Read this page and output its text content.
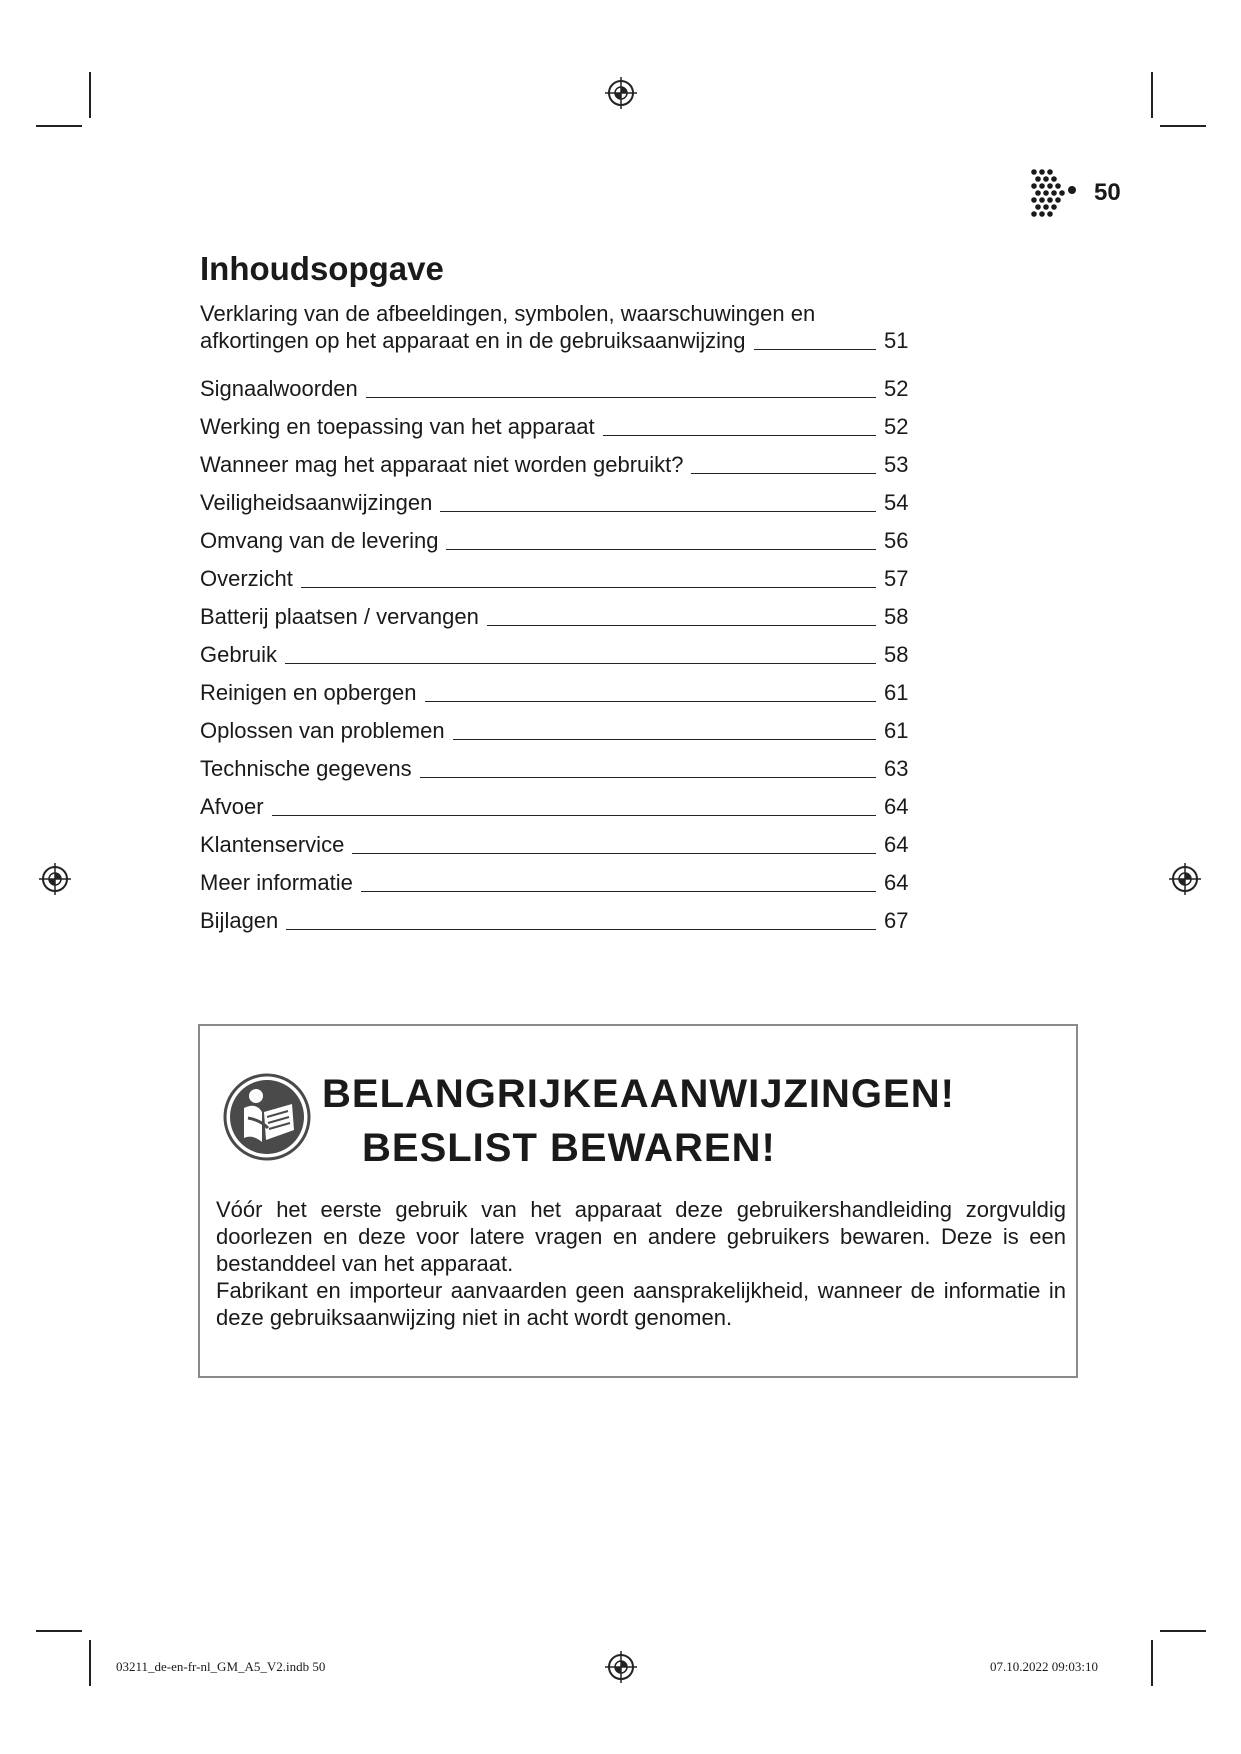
50
Inhoudsopgave
Verklaring van de afbeeldingen, symbolen, waarschuwingen en
afkortingen op het apparaat en in de gebruiksaanwijzing	51
Signaalwoorden	52
Werking en toepassing van het apparaat	52
Wanneer mag het apparaat niet worden gebruikt?	53
Veiligheidsaanwijzingen	54
Omvang van de levering	56
Overzicht	57
Batterij plaatsen / vervangen	58
Gebruik	58
Reinigen en opbergen	61
Oplossen van problemen	61
Technische gegevens	63
Afvoer	64
Klantenservice	64
Meer informatie	64
Bijlagen	67
BELANGRIJKEAANWIJZINGEN!
BESLIST BEWAREN!

Vóór het eerste gebruik van het apparaat deze gebruikershandleiding zorgvuldig doorlezen en deze voor latere vragen en andere gebruikers bewaren. Deze is een bestanddeel van het apparaat.

Fabrikant en importeur aanvaarden geen aansprakelijkheid, wanneer de informatie in deze gebruiksaanwijzing niet in acht wordt genomen.

03211_de-en-fr-nl_GM_A5_V2.indb 50	07.10.2022 09:03:10
